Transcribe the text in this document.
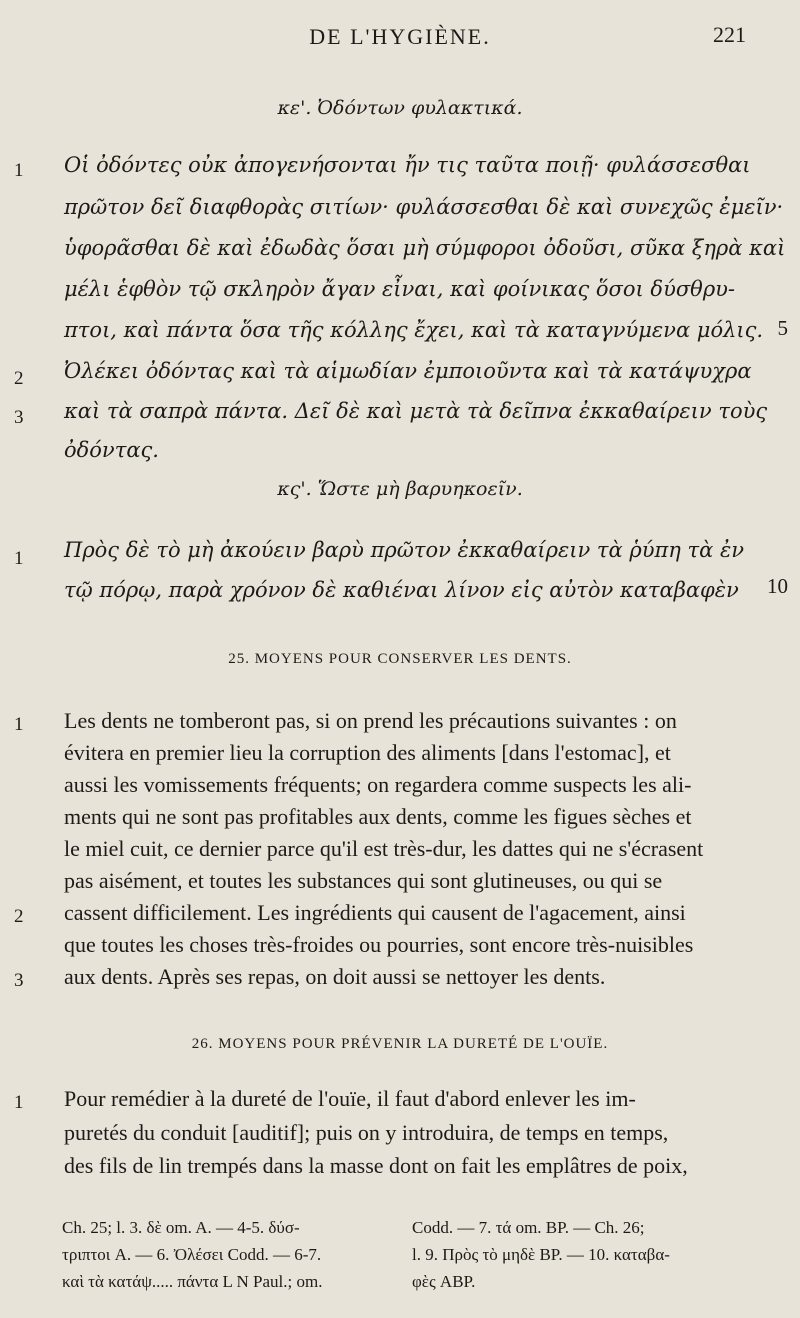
DE L'HYGIÈNE.	221
κε'. Ὀδόντων φυλακτικά.
1 Οἱ ὀδόντες οὐκ ἀπογενήσονται ἤν τις ταῦτα ποιῇ· φυλάσσεσθαι
πρῶτον δεῖ διαφθορὰς σιτίων· φυλάσσεσθαι δὲ καὶ συνεχῶς ἐμεῖν·
ὑφορᾶσθαι δὲ καὶ ἐδωδὰς ὅσαι μὴ σύμφοροι ὀδοῦσι, σῦκα ξηρὰ καὶ
μέλι ἑφθὸν τῷ σκληρὸν ἄγαν εἶναι, καὶ φοίνικας ὅσοι δύσθρυ-
πτοι, καὶ πάντα ὅσα τῆς κόλλης ἔχει, καὶ τὰ καταγνύμενα μόλις. 5
2 Ὀλέκει ὀδόντας καὶ τὰ αἱμωδίαν ἐμποιοῦντα καὶ τὰ κατάψυχρα
3 καὶ τὰ σαπρὰ πάντα. Δεῖ δὲ καὶ μετὰ τὰ δεῖπνα ἐκκαθαίρειν τοὺς
ὀδόντας.
κς'. Ὥστε μὴ βαρυηκοεῖν.
1 Πρὸς δὲ τὸ μὴ ἀκούειν βαρὺ πρῶτον ἐκκαθαίρειν τὰ ῥύπη τὰ ἐν
τῷ πόρῳ, παρὰ χρόνον δὲ καθιέναι λίνον εἰς αὐτὸν καταβαφὲν 10
25. MOYENS POUR CONSERVER LES DENTS.
1 Les dents ne tomberont pas, si on prend les précautions suivantes : on
évitera en premier lieu la corruption des aliments [dans l'estomac], et
aussi les vomissements fréquents; on regardera comme suspects les ali-
ments qui ne sont pas profitables aux dents, comme les figues sèches et
le miel cuit, ce dernier parce qu'il est très-dur, les dattes qui ne s'écrasent
pas aisément, et toutes les substances qui sont glutineuses, ou qui se
2 cassent difficilement. Les ingrédients qui causent de l'agacement, ainsi
que toutes les choses très-froides ou pourries, sont encore très-nuisibles
3 aux dents. Après ses repas, on doit aussi se nettoyer les dents.
26. MOYENS POUR PRÉVENIR LA DURETÉ DE L'OUÏE.
1 Pour remédier à la dureté de l'ouïe, il faut d'abord enlever les im-
puretés du conduit [auditif]; puis on y introduira, de temps en temps,
des fils de lin trempés dans la masse dont on fait les emplâtres de poix,
Ch. 25; l. 3. δὲ om. A. — 4-5. δύσ-
τριπτοι A. — 6. Ὀλέσει Codd. — 6-7.
καὶ τὰ κατάψ..... πάντα L N Paul.; om.
Codd. — 7. τά om. BP. — Ch. 26;
l. 9. Πρὸς τὸ μηδὲ BP. — 10. καταβα-
φὲς ABP.
